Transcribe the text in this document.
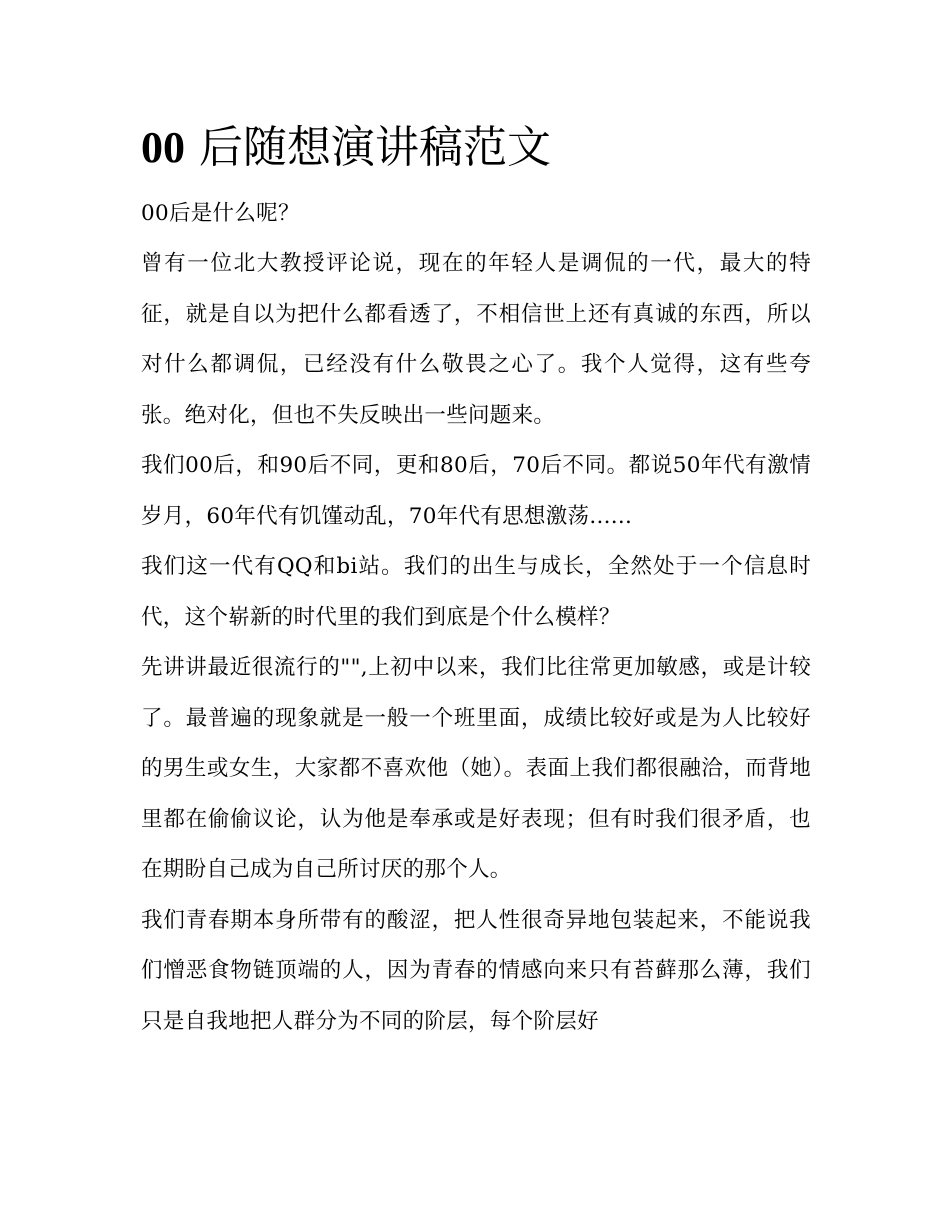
00 后随想演讲稿范文

00后是什么呢？

曾有一位北大教授评论说，现在的年轻人是调侃的一代，最大的特征，就是自以为把什么都看透了，不相信世上还有真诚的东西，所以对什么都调侃，已经没有什么敬畏之心了。我个人觉得，这有些夸张。绝对化，但也不失反映出一些问题来。

我们00后，和90后不同，更和80后，70后不同。都说50年代有激情岁月，60年代有饥馑动乱，70年代有思想激荡......

我们这一代有QQ和bi站。我们的出生与成长，全然处于一个信息时代，这个崭新的时代里的我们到底是个什么模样？

先讲讲最近很流行的"",上初中以来，我们比往常更加敏感，或是计较了。最普遍的现象就是一般一个班里面，成绩比较好或是为人比较好的男生或女生，大家都不喜欢他（她）。表面上我们都很融洽，而背地里都在偷偷议论，认为他是奉承或是好表现；但有时我们很矛盾，也在期盼自己成为自己所讨厌的那个人。

我们青春期本身所带有的酸涩，把人性很奇异地包装起来，不能说我们憎恶食物链顶端的人，因为青春的情感向来只有苔藓那么薄，我们只是自我地把人群分为不同的阶层，每个阶层好
